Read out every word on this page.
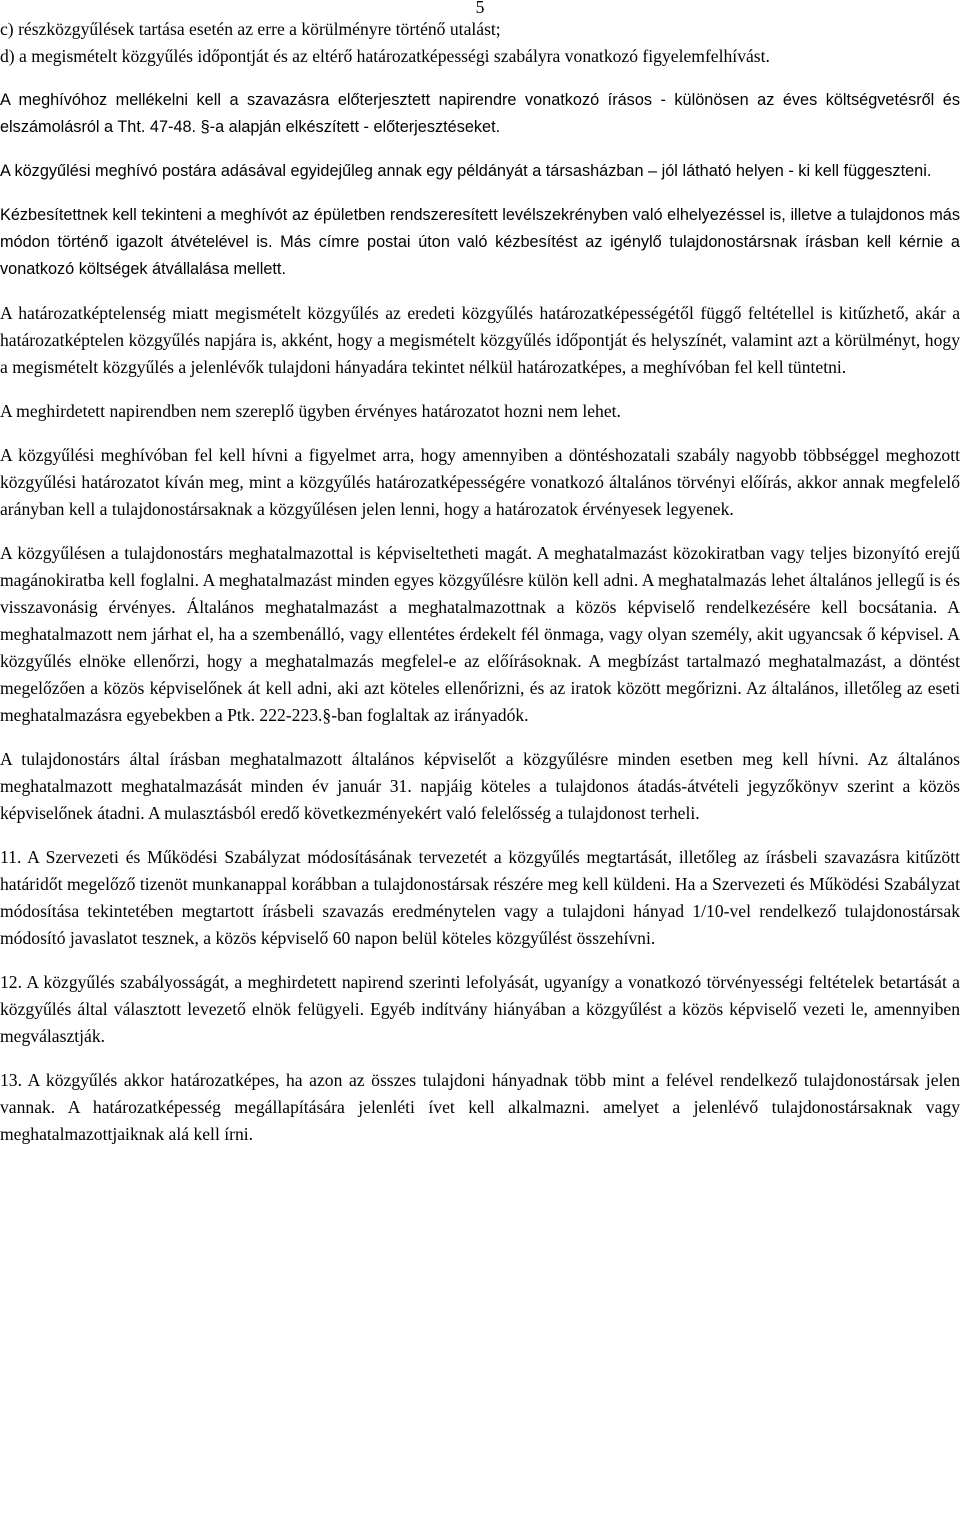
5

c) részközgyűlések tartása esetén az erre a körülményre történő utalást;

d) a megismételt közgyűlés időpontját és az eltérő határozatképességi szabályra vonatkozó figyelemfelhívást.

A meghívóhoz mellékelni kell a szavazásra előterjesztett napirendre vonatkozó írásos - különösen az éves költségvetésről és elszámolásról a Tht. 47-48. §-a alapján elkészített - előterjesztéseket.

A közgyűlési meghívó postára adásával egyidejűleg annak egy példányát a társasházban – jól látható helyen - ki kell függeszteni.

Kézbesítettnek kell tekinteni a meghívót az épületben rendszeresített levélszekrényben való elhelyezéssel is, illetve a tulajdonos más módon történő igazolt átvételével is. Más címre postai úton való kézbesítést az igénylő tulajdonostársnak írásban kell kérnie a vonatkozó költségek átvállalása mellett.

A határozatképtelenség miatt megismételt közgyűlés az eredeti közgyűlés határozatképességétől függő feltétellel is kitűzhető, akár a határozatképtelen közgyűlés napjára is, akként, hogy a megismételt közgyűlés időpontját és helyszínét, valamint azt a körülményt, hogy a megismételt közgyűlés a jelenlévők tulajdoni hányadára tekintet nélkül határozatképes, a meghívóban fel kell tüntetni.

A meghirdetett napirendben nem szereplő ügyben érvényes határozatot hozni nem lehet.

A közgyűlési meghívóban fel kell hívni a figyelmet arra, hogy amennyiben a döntéshozatali szabály nagyobb többséggel meghozott közgyűlési határozatot kíván meg, mint a közgyűlés határozatképességére vonatkozó általános törvényi előírás, akkor annak megfelelő arányban kell a tulajdonostársaknak a közgyűlésen jelen lenni, hogy a határozatok érvényesek legyenek.

A közgyűlésen a tulajdonostárs meghatalmazottal is képviseltetheti magát. A meghatalmazást közokiratban vagy teljes bizonyító erejű magánokiratba kell foglalni. A meghatalmazást minden egyes közgyűlésre külön kell adni. A meghatalmazás lehet általános jellegű is és visszavonásig érvényes. Általános meghatalmazást a meghatalmazottnak a közös képviselő rendelkezésére kell bocsátania. A meghatalmazott nem járhat el, ha a szembenálló, vagy ellentétes érdekelt fél önmaga, vagy olyan személy, akit ugyancsak ő képvisel. A közgyűlés elnöke ellenőrzi, hogy a meghatalmazás megfelel-e az előírásoknak. A megbízást tartalmazó meghatalmazást, a döntést megelőzően a közös képviselőnek át kell adni, aki azt köteles ellenőrizni, és az iratok között megőrizni. Az általános, illetőleg az eseti meghatalmazásra egyebekben a Ptk. 222-223.§-ban foglaltak az irányadók.

A tulajdonostárs által írásban meghatalmazott általános képviselőt a közgyűlésre minden esetben meg kell hívni. Az általános meghatalmazott meghatalmazását minden év január 31. napjáig köteles a tulajdonos átadás-átvételi jegyzőkönyv szerint a közös képviselőnek átadni. A mulasztásból eredő következményekért való felelősség a tulajdonost terheli.

11. A Szervezeti és Működési Szabályzat módosításának tervezetét a közgyűlés megtartását, illetőleg az írásbeli szavazásra kitűzött határidőt megelőző tizenöt munkanappal korábban a tulajdonostársak részére meg kell küldeni. Ha a Szervezeti és Működési Szabályzat módosítása tekintetében megtartott írásbeli szavazás eredménytelen vagy a tulajdoni hányad 1/10-vel rendelkező tulajdonostársak módosító javaslatot tesznek, a közös képviselő 60 napon belül köteles közgyűlést összehívni.

12. A közgyűlés szabályosságát, a meghirdetett napirend szerinti lefolyását, ugyanígy a vonatkozó törvényességi feltételek betartását a közgyűlés által választott levezető elnök felügyeli. Egyéb indítvány hiányában a közgyűlést a közös képviselő vezeti le, amennyiben megválasztják.

13. A közgyűlés akkor határozatképes, ha azon az összes tulajdoni hányadnak több mint a felével rendelkező tulajdonostársak jelen vannak. A határozatképesség megállapítására jelenléti ívet kell alkalmazni. amelyet a jelenlévő tulajdonostársaknak vagy meghatalmazottjaiknak alá kell írni.
